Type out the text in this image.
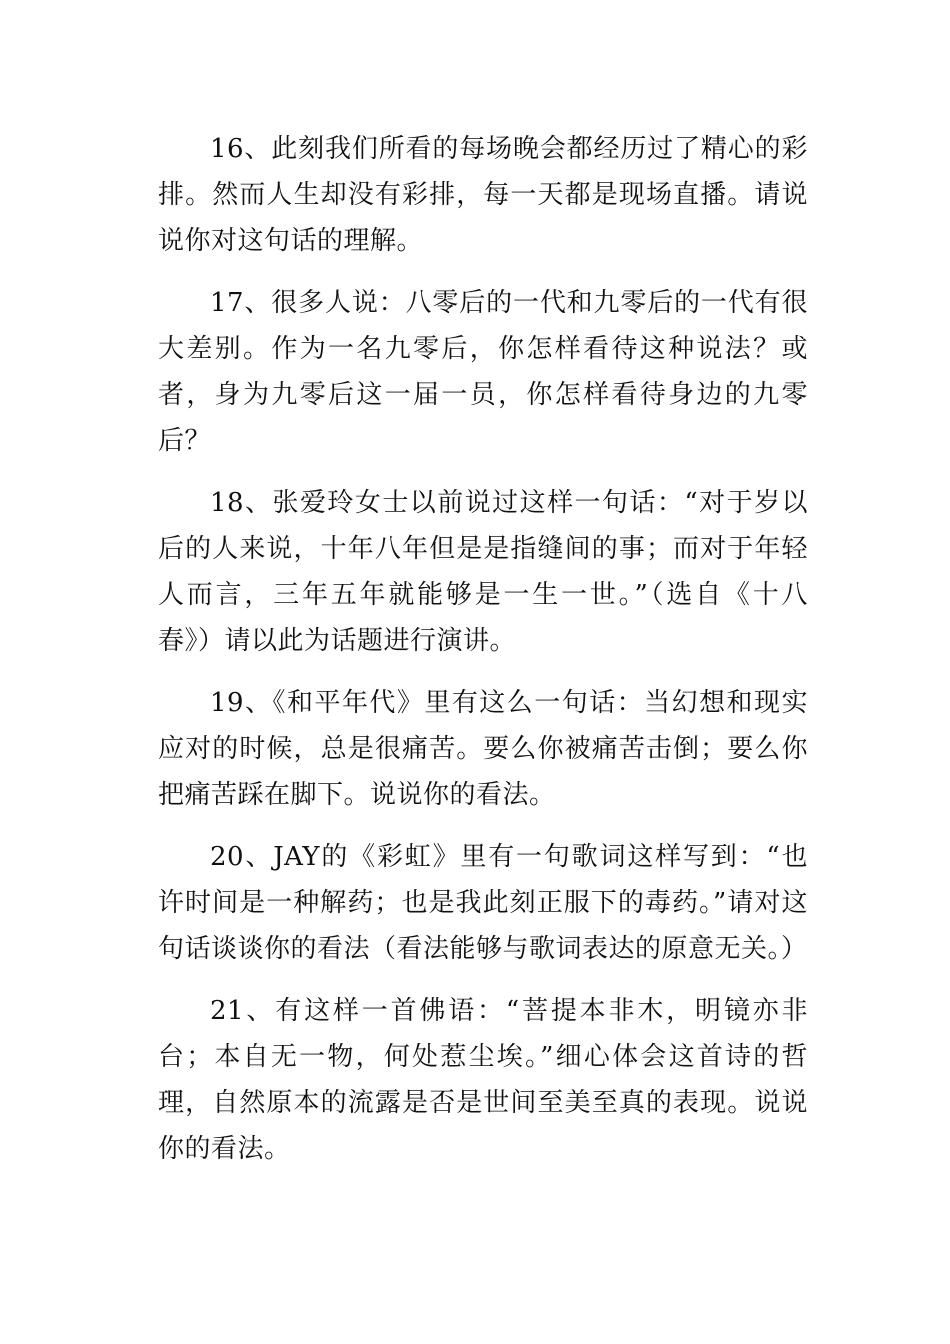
16、此刻我们所看的每场晚会都经历过了精心的彩排。然而人生却没有彩排，每一天都是现场直播。请说说你对这句话的理解。

17、很多人说：八零后的一代和九零后的一代有很大差别。作为一名九零后，你怎样看待这种说法？或者，身为九零后这一届一员，你怎样看待身边的九零后？

18、张爱玲女士以前说过这样一句话：“对于岁以后的人来说，十年八年但是是指缝间的事；而对于年轻人而言，三年五年就能够是一生一世。”（选自《十八春》）请以此为话题进行演讲。

19、《和平年代》里有这么一句话：当幻想和现实应对的时候，总是很痛苦。要么你被痛苦击倒；要么你把痛苦踩在脚下。说说你的看法。

20、JAY的《彩虹》里有一句歌词这样写到：“也许时间是一种解药；也是我此刻正服下的毒药。”请对这句话谈谈你的看法（看法能够与歌词表达的原意无关。）

21、有这样一首佛语：“菩提本非木，明镜亦非台；本自无一物，何处惹尘埃。”细心体会这首诗的哲理，自然原本的流露是否是世间至美至真的表现。说说你的看法。
